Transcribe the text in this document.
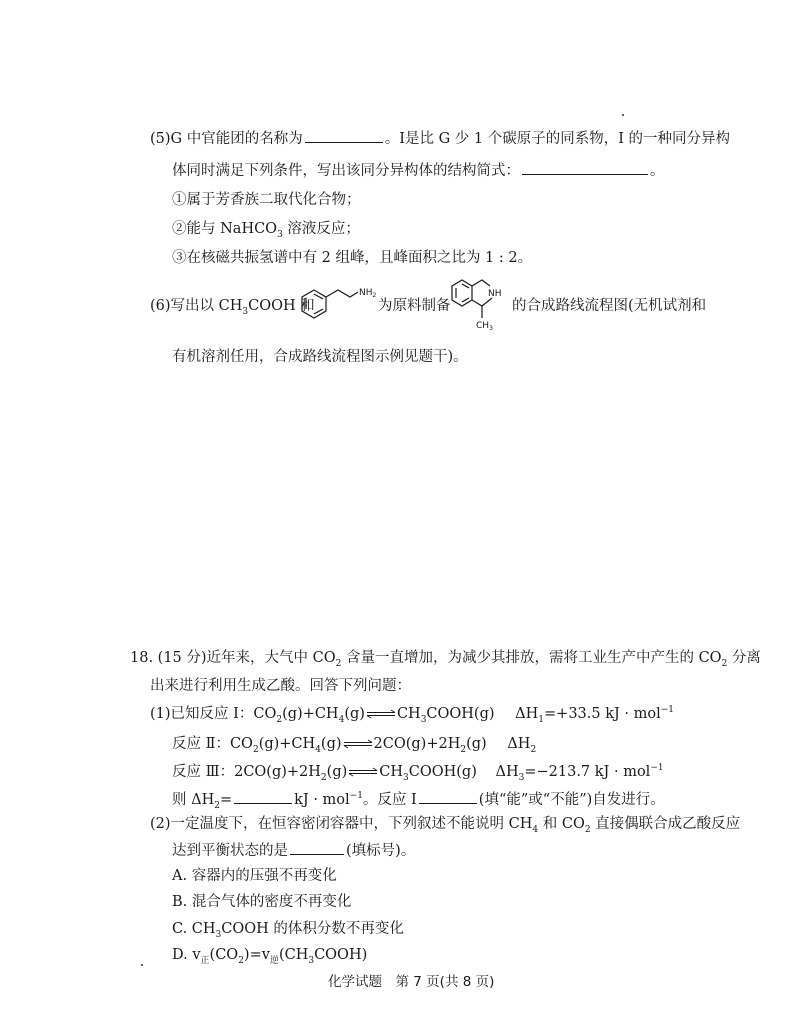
(5)G 中官能团的名称为	。I是比 G 少 1 个碳原子的同系物，I 的一种同分异构
体同时满足下列条件，写出该同分异构体的结构简式：	。
①属于芳香族二取代化合物；
②能与 NaHCO$_3$ 溶液反应；
③在核磁共振氢谱中有 2 组峰，且峰面积之比为 1 : 2。
(6)写出以 $CH_3COOH$ 和
$NH_2$
为原料制备
NH
$CH_3$
的合成路线流程图(无机试剂和
有机溶剂任用，合成路线流程图示例见题干)。
18. (15 分)近年来，大气中 $CO_2$ 含量一直增加，为减少其排放，需将工业生产中产生的 $CO_2$ 分离
出来进行利用生成乙酸。回答下列问题：
(1)已知反应 Ⅰ：$CO_2(g)+CH_4(g)\rightleftharpoons CH_3COOH(g)$ $\Delta H_1=+33.5$ kJ · mol$^{-1}$
反应 Ⅱ：$CO_2(g)+CH_4(g)\rightleftharpoons 2CO(g)+2H_2(g)$ $\Delta H_2$
反应 Ⅲ：$2CO(g)+2H_2(g)\rightleftharpoons CH_3COOH(g)$ $\Delta H_3=-213.7$ kJ · mol$^{-1}$
则 $\Delta H_2=$	kJ · mol$^{-1}$。反应 Ⅰ	(填“能”或“不能”)自发进行。
(2)一定温度下，在恒容密闭容器中，下列叙述不能说明 $CH_4$ 和 $CO_2$ 直接偶联合成乙酸反应
达到平衡状态的是	(填标号)。
A. 容器内的压强不再变化
B. 混合气体的密度不再变化
C. $CH_3COOH$ 的体积分数不再变化
D. $v_正(CO_2)=v_逆(CH_3COOH)$
化学试题　第 7 页(共 8 页)
